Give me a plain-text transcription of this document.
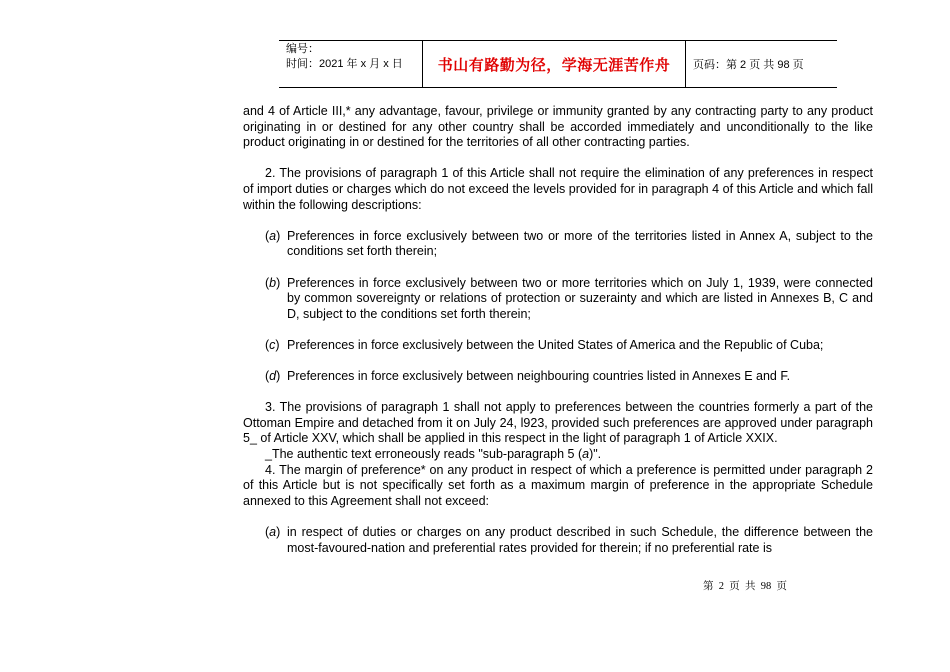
编号：
时间：2021 年 x 月 x 日	书山有路勤为径，学海无涯苦作舟	页码：第 2 页 共 98 页

and 4 of Article III,* any advantage, favour, privilege or immunity granted by any contracting party to any product originating in or destined for any other country shall be accorded immediately and unconditionally to the like product originating in or destined for the territories of all other contracting parties.

2. The provisions of paragraph 1 of this Article shall not require the elimination of any preferences in respect of import duties or charges which do not exceed the levels provided for in paragraph 4 of this Article and which fall within the following descriptions:

(a) Preferences in force exclusively between two or more of the territories listed in Annex A, subject to the conditions set forth therein;
(b) Preferences in force exclusively between two or more territories which on July 1, 1939, were connected by common sovereignty or relations of protection or suzerainty and which are listed in Annexes B, C and D, subject to the conditions set forth therein;
(c) Preferences in force exclusively between the United States of America and the Republic of Cuba;
(d) Preferences in force exclusively between neighbouring countries listed in Annexes E and F.

3. The provisions of paragraph 1 shall not apply to preferences between the countries formerly a part of the Ottoman Empire and detached from it on July 24, l923, provided such preferences are approved under paragraph 5_ of Article XXV, which shall be applied in this respect in the light of paragraph 1 of Article XXIX.

_The authentic text erroneously reads "sub-paragraph 5 (a)".

4. The margin of preference* on any product in respect of which a preference is permitted under paragraph 2 of this Article but is not specifically set forth as a maximum margin of preference in the appropriate Schedule annexed to this Agreement shall not exceed:

(a) in respect of duties or charges on any product described in such Schedule, the difference between the most-favoured-nation and preferential rates provided for therein; if no preferential rate is
第  2  页  共  98  页
